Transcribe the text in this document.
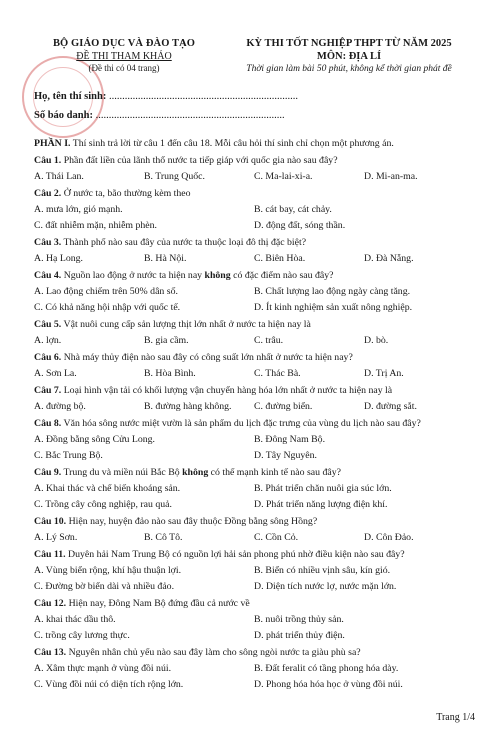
BỘ GIÁO DỤC VÀ ĐÀO TẠO
ĐỀ THI THAM KHẢO
(Đề thi có 04 trang)
KỲ THI TỐT NGHIỆP THPT TỪ NĂM 2025
MÔN: ĐỊA LÍ
Thời gian làm bài 50 phút, không kể thời gian phát đề
Họ, tên thí sinh: ........................................................................
Số báo danh: ........................................................................
PHẦN I. Thí sinh trả lời từ câu 1 đến câu 18. Mỗi câu hỏi thí sinh chỉ chọn một phương án.
Câu 1. Phần đất liền của lãnh thổ nước ta tiếp giáp với quốc gia nào sau đây?
A. Thái Lan.	B. Trung Quốc.	C. Ma-lai-xi-a.	D. Mi-an-ma.
Câu 2. Ở nước ta, bão thường kèm theo
A. mưa lớn, gió mạnh.	B. cát bay, cát chảy.
C. đất nhiễm mặn, nhiễm phèn.	D. động đất, sóng thần.
Câu 3. Thành phố nào sau đây của nước ta thuộc loại đô thị đặc biệt?
A. Hạ Long.	B. Hà Nội.	C. Biên Hòa.	D. Đà Nẵng.
Câu 4. Nguồn lao động ở nước ta hiện nay không có đặc điểm nào sau đây?
A. Lao động chiếm trên 50% dân số.	B. Chất lượng lao động ngày càng tăng.
C. Có khả năng hội nhập với quốc tế.	D. Ít kinh nghiệm sản xuất nông nghiệp.
Câu 5. Vật nuôi cung cấp sản lượng thịt lớn nhất ở nước ta hiện nay là
A. lợn.	B. gia cầm.	C. trâu.	D. bò.
Câu 6. Nhà máy thủy điện nào sau đây có công suất lớn nhất ở nước ta hiện nay?
A. Sơn La.	B. Hòa Bình.	C. Thác Bà.	D. Trị An.
Câu 7. Loại hình vận tải có khối lượng vận chuyển hàng hóa lớn nhất ở nước ta hiện nay là
A. đường bộ.	B. đường hàng không.	C. đường biển.	D. đường sắt.
Câu 8. Văn hóa sông nước miệt vườn là sản phẩm du lịch đặc trưng của vùng du lịch nào sau đây?
A. Đồng bằng sông Cửu Long.	B. Đông Nam Bộ.
C. Bắc Trung Bộ.	D. Tây Nguyên.
Câu 9. Trung du và miền núi Bắc Bộ không có thế mạnh kinh tế nào sau đây?
A. Khai thác và chế biến khoáng sản.	B. Phát triển chăn nuôi gia súc lớn.
C. Trồng cây công nghiệp, rau quả.	D. Phát triển năng lượng điện khí.
Câu 10. Hiện nay, huyện đảo nào sau đây thuộc Đồng bằng sông Hồng?
A. Lý Sơn.	B. Cô Tô.	C. Cồn Cỏ.	D. Côn Đảo.
Câu 11. Duyên hải Nam Trung Bộ có nguồn lợi hải sản phong phú nhờ điều kiện nào sau đây?
A. Vùng biển rộng, khí hậu thuận lợi.	B. Biển có nhiều vịnh sâu, kín gió.
C. Đường bờ biển dài và nhiều đảo.	D. Diện tích nước lợ, nước mặn lớn.
Câu 12. Hiện nay, Đông Nam Bộ đứng đầu cả nước về
A. khai thác dầu thô.	B. nuôi trồng thủy sản.
C. trồng cây lương thực.	D. phát triển thủy điện.
Câu 13. Nguyên nhân chủ yếu nào sau đây làm cho sông ngòi nước ta giàu phù sa?
A. Xâm thực mạnh ở vùng đồi núi.	B. Đất feralit có tầng phong hóa dày.
C. Vùng đồi núi có diện tích rộng lớn.	D. Phong hóa hóa học ở vùng đồi núi.
Trang 1/4
